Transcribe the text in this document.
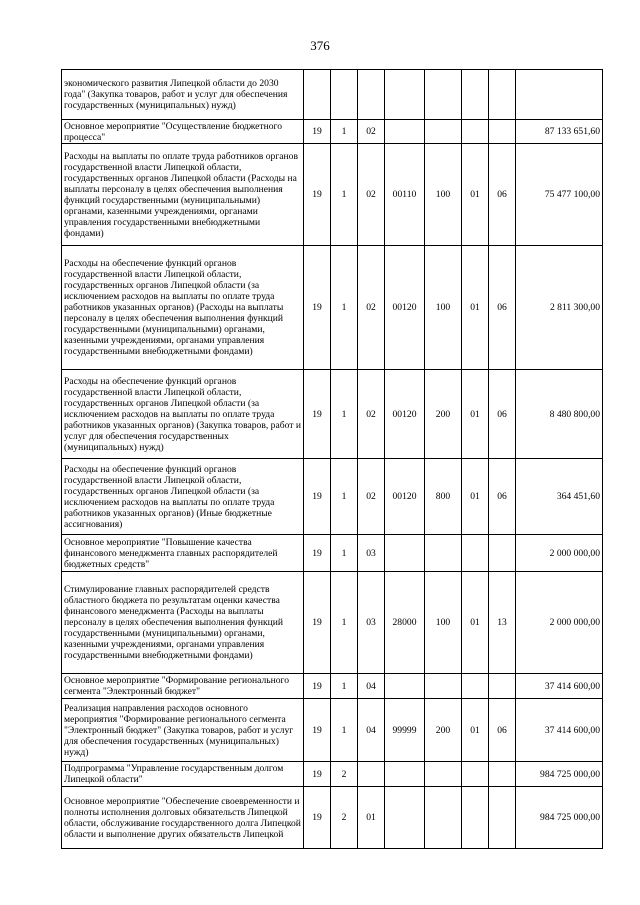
376
экономического развития Липецкой области до 2030 года" (Закупка товаров, работ и услуг для обеспечения государственных (муниципальных) нужд)								
Основное мероприятие "Осуществление бюджетного процесса"	19	1	02					87 133 651,60
Расходы на выплаты по оплате труда работников органов государственной власти Липецкой области, государственных органов Липецкой области (Расходы на выплаты персоналу в целях обеспечения выполнения функций государственными (муниципальными) органами, казенными учреждениями, органами управления государственными внебюджетными фондами)	19	1	02	00110	100	01	06	75 477 100,00
Расходы на обеспечение функций органов государственной власти Липецкой области, государственных органов Липецкой области (за исключением расходов на выплаты по оплате труда работников указанных органов) (Расходы на выплаты персоналу в целях обеспечения выполнения функций государственными (муниципальными) органами, казенными учреждениями, органами управления государственными внебюджетными фондами)	19	1	02	00120	100	01	06	2 811 300,00
Расходы на обеспечение функций органов государственной власти Липецкой области, государственных органов Липецкой области (за исключением расходов на выплаты по оплате труда работников указанных органов) (Закупка товаров, работ и услуг для обеспечения государственных (муниципальных) нужд)	19	1	02	00120	200	01	06	8 480 800,00
Расходы на обеспечение функций органов государственной власти Липецкой области, государственных органов Липецкой области (за исключением расходов на выплаты по оплате труда работников указанных органов) (Иные бюджетные ассигнования)	19	1	02	00120	800	01	06	364 451,60
Основное мероприятие "Повышение качества финансового менеджмента главных распорядителей бюджетных средств"	19	1	03					2 000 000,00
Стимулирование главных распорядителей средств областного бюджета по результатам оценки качества финансового менеджмента (Расходы на выплаты персоналу в целях обеспечения выполнения функций государственными (муниципальными) органами, казенными учреждениями, органами управления государственными внебюджетными фондами)	19	1	03	28000	100	01	13	2 000 000,00
Основное мероприятие "Формирование регионального сегмента "Электронный бюджет"	19	1	04					37 414 600,00
Реализация направления расходов основного мероприятия "Формирование регионального сегмента "Электронный бюджет" (Закупка товаров, работ и услуг для обеспечения государственных (муниципальных) нужд)	19	1	04	99999	200	01	06	37 414 600,00
Подпрограмма "Управление государственным долгом Липецкой области"	19	2						984 725 000,00
Основное мероприятие "Обеспечение своевременности и полноты исполнения долговых обязательств Липецкой области, обслуживание государственного долга Липецкой области и выполнение других обязательств Липецкой	19	2	01					984 725 000,00
